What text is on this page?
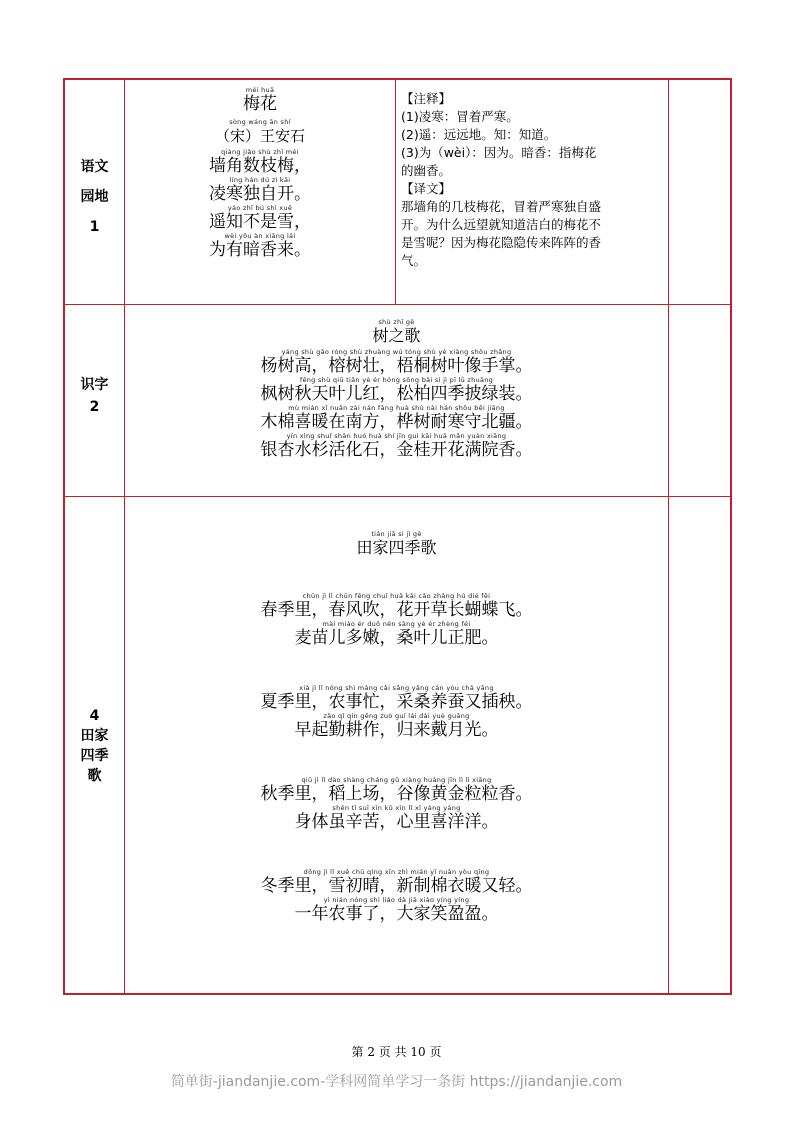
语文
园地
1
méi huā
梅花
sòng wáng ān shí
（宋）王安石
qiáng jiǎo shù zhī méi
墙角数枝梅，
líng hán dú zì kāi
凌寒独自开。
yáo zhī bú shì xuě
遥知不是雪，
wèi yǒu àn xiāng lái
为有暗香来。
【注释】
(1)凌寒：冒着严寒。
(2)遥：远远地。知：知道。
(3)为（wèi）：因为。暗香：指梅花
的幽香。
【译文】
那墙角的几枝梅花，冒着严寒独自盛
开。为什么远望就知道洁白的梅花不
是雪呢？因为梅花隐隐传来阵阵的香
气。
识字
2
shù zhī gē
树之歌
yáng shù gāo róng shù zhuàng wú tóng shù yè xiàng shǒu zhǎng
杨树高，榕树壮，梧桐树叶像手掌。
fēng shù qiū tiān yè ér hóng sōng bǎi sì jì pī lǜ zhuāng
枫树秋天叶儿红，松柏四季披绿装。
mù mián xǐ nuǎn zài nán fāng huà shù nài hán shǒu běi jiāng
木棉喜暖在南方，桦树耐寒守北疆。
yín xìng shuǐ shān huó huà shí jīn guì kāi huā mǎn yuàn xiāng
银杏水杉活化石，金桂开花满院香。
4
田家
四季
歌
tián jiā sì jì gē
田家四季歌
chūn jì lǐ chūn fēng chuī huā kāi cǎo zhǎng hú dié fēi
春季里，春风吹，花开草长蝴蝶飞。
mài miáo ér duō nèn sāng yè ér zhèng féi
麦苗儿多嫩，桑叶儿正肥。
xià jì lǐ nóng shì máng cǎi sāng yǎng cán yòu chā yāng
夏季里，农事忙，采桑养蚕又插秧。
zǎo qǐ qín gēng zuò guī lái dài yuè guāng
早起勤耕作，归来戴月光。
qiū jì lǐ dào shàng cháng gǔ xiàng huáng jīn lì lì xiāng
秋季里，稻上场，谷像黄金粒粒香。
shēn tǐ suī xīn kǔ xīn lǐ xǐ yáng yáng
身体虽辛苦，心里喜洋洋。
dōng jì lǐ xuě chū qíng xīn zhì mián yī nuǎn yòu qīng
冬季里，雪初晴，新制棉衣暖又轻。
yì nián nóng shì liǎo dà jiā xiào yíng yíng
一年农事了，大家笑盈盈。
第 2 页 共 10 页
简单街-jiandanjie.com-学科网简单学习一条街 https://jiandanjie.com
